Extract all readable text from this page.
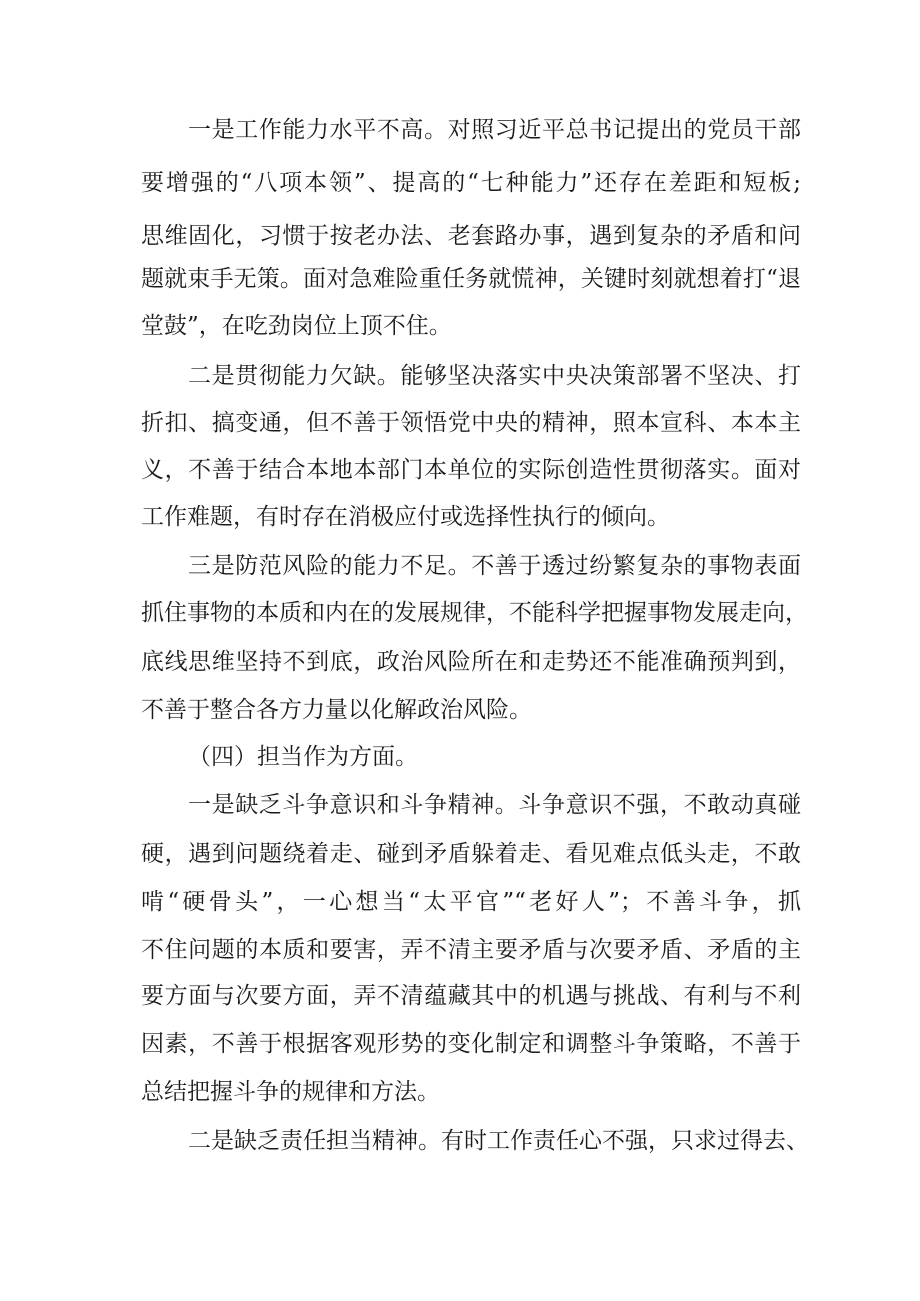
一是工作能力水平不高。对照习近平总书记提出的党员干部
要增强的“八项本领”、提高的“七种能力”还存在差距和短板;
思维固化，习惯于按老办法、老套路办事，遇到复杂的矛盾和问
题就束手无策。面对急难险重任务就慌神，关键时刻就想着打“退
堂鼓”，在吃劲岗位上顶不住。
二是贯彻能力欠缺。能够坚决落实中央决策部署不坚决、打
折扣、搞变通，但不善于领悟党中央的精神，照本宣科、本本主
义，不善于结合本地本部门本单位的实际创造性贯彻落实。面对
工作难题，有时存在消极应付或选择性执行的倾向。
三是防范风险的能力不足。不善于透过纷繁复杂的事物表面
抓住事物的本质和内在的发展规律，不能科学把握事物发展走向，
底线思维坚持不到底，政治风险所在和走势还不能准确预判到，
不善于整合各方力量以化解政治风险。
（四）担当作为方面。
一是缺乏斗争意识和斗争精神。斗争意识不强，不敢动真碰
硬，遇到问题绕着走、碰到矛盾躲着走、看见难点低头走，不敢
啃“硬骨头”，一心想当“太平官”“老好人”；不善斗争，抓
不住问题的本质和要害，弄不清主要矛盾与次要矛盾、矛盾的主
要方面与次要方面，弄不清蕴藏其中的机遇与挑战、有利与不利
因素，不善于根据客观形势的变化制定和调整斗争策略，不善于
总结把握斗争的规律和方法。
二是缺乏责任担当精神。有时工作责任心不强，只求过得去、
